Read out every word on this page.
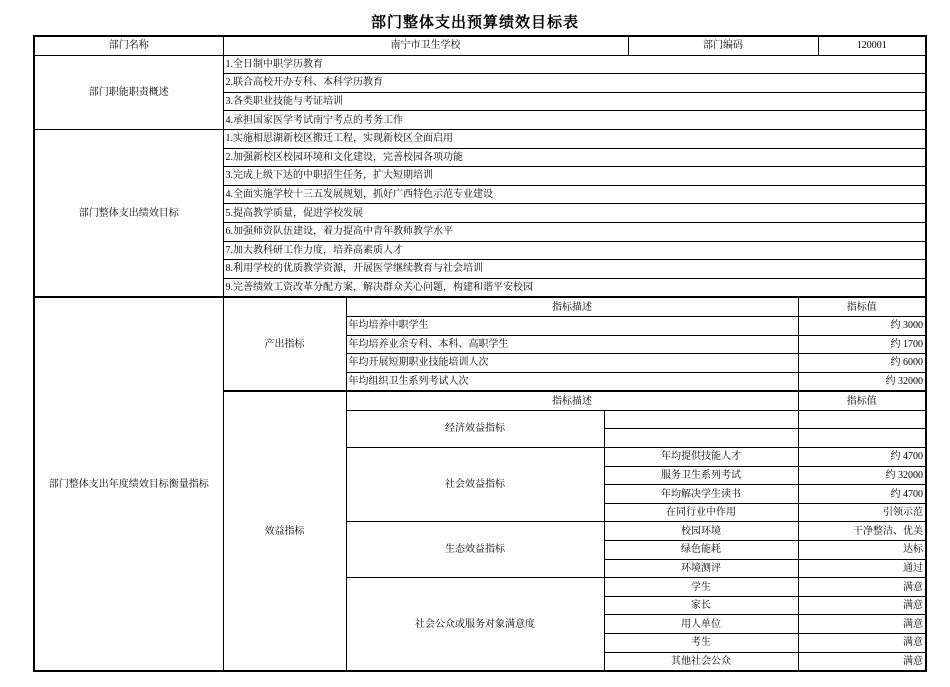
部门整体支出预算绩效目标表
部门名称	南宁市卫生学校			部门编码		120001
部门职能职责概述	1.全日制中职学历教育					
	2.联合高校开办专科、本科学历教育					
	3.各类职业技能与考证培训					
	4.承担国家医学考试南宁考点的考务工作					
部门整体支出绩效目标	1.实施相思湖新校区搬迁工程，实现新校区全面启用					
	2.加强新校区校园环境和文化建设，完善校园各项功能					
	3.完成上级下达的中职招生任务，扩大短期培训					
	4.全面实施学校十三五发展规划，抓好广西特色示范专业建设					
	5.提高教学质量，促进学校发展					
	6.加强师资队伍建设，着力提高中青年教师教学水平					
	7.加大教科研工作力度，培养高素质人才					
	8.利用学校的优质教学资源，开展医学继续教育与社会培训					
	9.完善绩效工资改革分配方案，解决群众关心问题，构建和谐平安校园					
部门整体支出年度绩效目标衡量指标	产出指标	指标描述			指标值	
		年均培养中职学生			约 3000	
		年均培养业余专科、本科、高职学生			约 1700	
		年均开展短期职业技能培训人次			约 6000	
		年均组织卫生系列考试人次			约 32000	
	效益指标	指标描述			指标值	
		经济效益指标				

		社会效益指标	年均提供技能人才		约 4700	
			服务卫生系列考试		约 32000	
			年均解决学生读书		约 4700	
			在同行业中作用		引领示范	
		生态效益指标	校园环境		干净整洁、优美	
			绿色能耗		达标	
			环境测评		通过	
		社会公众或服务对象满意度	学生		满意	
			家长		满意	
			用人单位		满意	
			考生		满意	
			其他社会公众		满意	
